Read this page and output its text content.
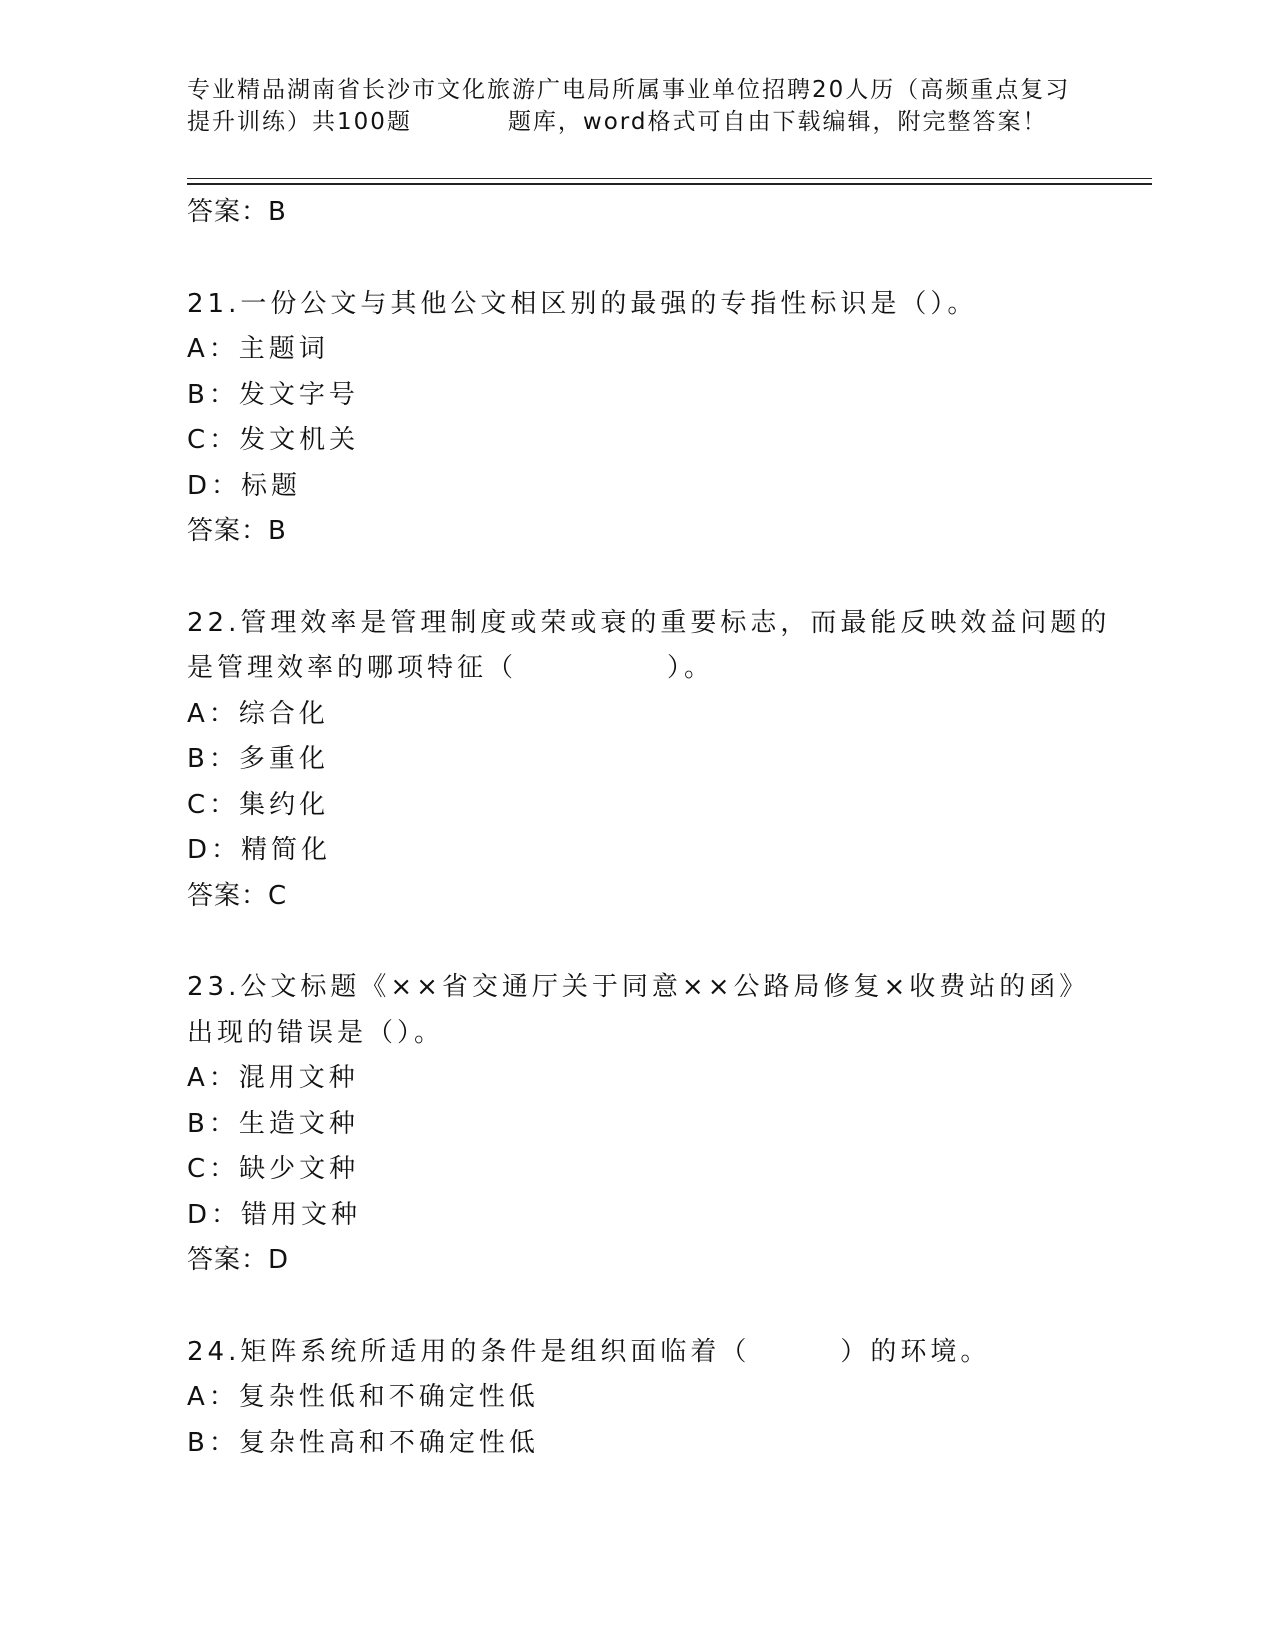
专业精品湖南省长沙市文化旅游广电局所属事业单位招聘20人历（高频重点复习
提升训练）共100题	题库，word格式可自由下载编辑，附完整答案！
答案：B
21.一份公文与其他公文相区别的最强的专指性标识是（）。
A：主题词
B：发文字号
C：发文机关
D：标题
答案：B
22.管理效率是管理制度或荣或衰的重要标志，而最能反映效益问题的
是管理效率的哪项特征（　　　　　）。
A：综合化
B：多重化
C：集约化
D：精简化
答案：C
23.公文标题《××省交通厅关于同意××公路局修复×收费站的函》
出现的错误是（）。
A：混用文种
B：生造文种
C：缺少文种
D：错用文种
答案：D
24.矩阵系统所适用的条件是组织面临着（　　　）的环境。
A：复杂性低和不确定性低
B：复杂性高和不确定性低
